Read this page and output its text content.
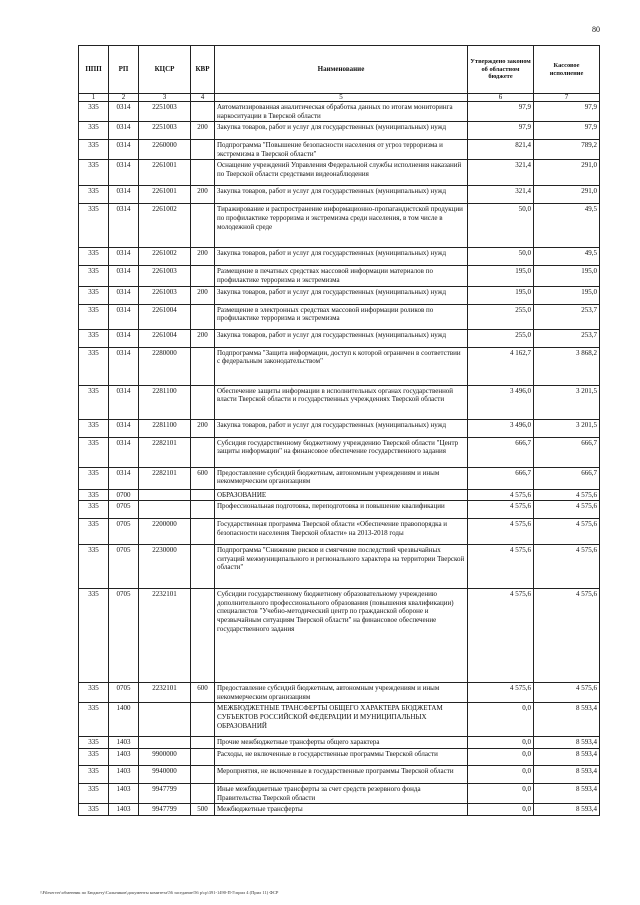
80
ППП	РП	КЦСР	КВР	Наименование	Утверждено законом об областном бюджете	Кассовое исполнение
1	2	3	4	5	6	7
335	0314	2251003		Автоматизированная аналитическая обработка данных по итогам мониторинга наркоситуации в Тверской области	97,9	97,9
335	0314	2251003	200	Закупка товаров, работ и услуг для государственных (муниципальных) нужд	97,9	97,9
335	0314	2260000		Подпрограмма "Повышение безопасности населения от угроз терроризма и экстремизма в Тверской области"	821,4	789,2
335	0314	2261001		Оснащение учреждений Управления Федеральной службы исполнения наказаний по Тверской области средствами видеонаблюдения	321,4	291,0
335	0314	2261001	200	Закупка товаров, работ и услуг для государственных (муниципальных) нужд	321,4	291,0
335	0314	2261002		Тиражирование и распространение информационно-пропагандистской продукции по профилактике терроризма и экстремизма среди населения, в том числе в молодежной среде	50,0	49,5
335	0314	2261002	200	Закупка товаров, работ и услуг для государственных (муниципальных) нужд	50,0	49,5
335	0314	2261003		Размещение в печатных средствах массовой информации материалов по профилактике терроризма и экстремизма	195,0	195,0
335	0314	2261003	200	Закупка товаров, работ и услуг для государственных (муниципальных) нужд	195,0	195,0
335	0314	2261004		Размещение в электронных средствах массовой информации роликов по профилактике терроризма и экстремизма	255,0	253,7
335	0314	2261004	200	Закупка товаров, работ и услуг для государственных (муниципальных) нужд	255,0	253,7
335	0314	2280000		Подпрограмма "Защита информации, доступ к которой ограничен в соответствии с федеральным законодательством"	4 162,7	3 868,2
335	0314	2281100		Обеспечение защиты информации в исполнительных органах государственной власти Тверской области и государственных учреждениях Тверской области	3 496,0	3 201,5
335	0314	2281100	200	Закупка товаров, работ и услуг для государственных (муниципальных) нужд	3 496,0	3 201,5
335	0314	2282101		Субсидия государственному бюджетному учреждению Тверской области "Центр защиты информации" на финансовое обеспечение государственного задания	666,7	666,7
335	0314	2282101	600	Предоставление субсидий бюджетным, автономным учреждениям и иным некоммерческим организациям	666,7	666,7
335	0700			ОБРАЗОВАНИЕ	4 575,6	4 575,6
335	0705			Профессиональная подготовка, переподготовка и повышение квалификации	4 575,6	4 575,6
335	0705	2200000		Государственная программа Тверской области «Обеспечение правопорядка и безопасности населения Тверской области» на 2013-2018 годы	4 575,6	4 575,6
335	0705	2230000		Подпрограмма "Снижение рисков и смягчение последствий чрезвычайных ситуаций межмуниципального и регионального характера на территории Тверской области"	4 575,6	4 575,6
335	0705	2232101		Субсидии государственному бюджетному образовательному учреждению дополнительного профессионального образования (повышения квалификации) специалистов "Учебно-методический центр по гражданской обороне и чрезвычайным ситуациям Тверской области" на финансовое обеспечение государственного задания	4 575,6	4 575,6
335	0705	2232101	600	Предоставление субсидий бюджетным, автономным учреждениям и иным некоммерческим организациям	4 575,6	4 575,6
335	1400			МЕЖБЮДЖЕТНЫЕ ТРАНСФЕРТЫ ОБЩЕГО ХАРАКТЕРА БЮДЖЕТАМ СУБЪЕКТОВ РОССИЙСКОЙ ФЕДЕРАЦИИ И МУНИЦИПАЛЬНЫХ ОБРАЗОВАНИЙ	0,0	8 593,4
335	1403			Прочие межбюджетные трансферты общего характера	0,0	8 593,4
335	1403	9900000		Расходы, не включенные в государственные программы Тверской области	0,0	8 593,4
335	1403	9940000		Мероприятия, не включенные в государственные программы Тверской области	0,0	8 593,4
335	1403	9947799		Иные межбюджетные трансферты за счет средств резервного фонда Правительства Тверской области	0,0	8 593,4
335	1403	9947799	500	Межбюджетные трансферты	0,0	8 593,4
\\Fileserver\обменник по Бюджету\Сальников\документы комитета\56 заседание\56 р\ср\391-1490-П-5\прил 4 (Прил 11) ФСР
